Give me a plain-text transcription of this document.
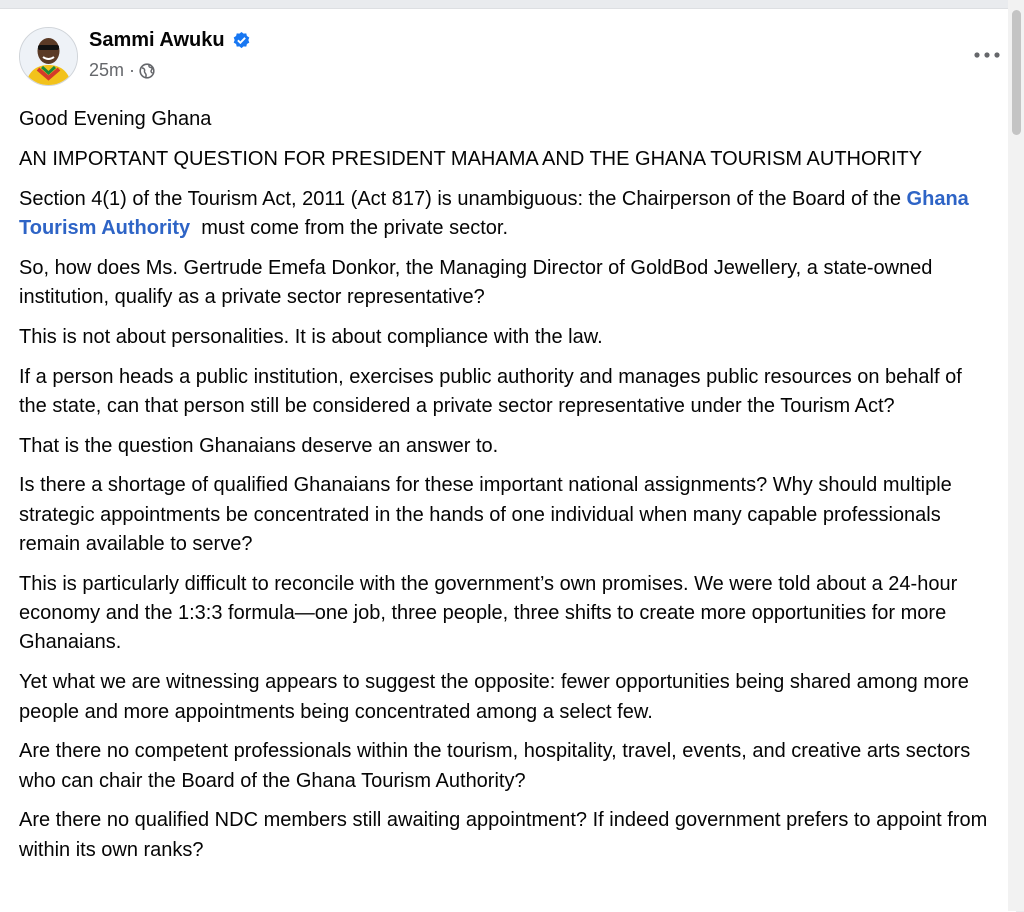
Sammi Awuku
25m ·

Good Evening Ghana

AN IMPORTANT QUESTION FOR PRESIDENT MAHAMA AND THE GHANA TOURISM AUTHORITY

Section 4(1) of the Tourism Act, 2011 (Act 817) is unambiguous: the Chairperson of the Board of the Ghana Tourism Authority  must come from the private sector.

So, how does Ms. Gertrude Emefa Donkor, the Managing Director of GoldBod Jewellery, a state-owned institution, qualify as a private sector representative?

This is not about personalities. It is about compliance with the law.

If a person heads a public institution, exercises public authority and manages public resources on behalf of the state, can that person still be considered a private sector representative under the Tourism Act?

That is the question Ghanaians deserve an answer to.

Is there a shortage of qualified Ghanaians for these important national assignments? Why should multiple strategic appointments be concentrated in the hands of one individual when many capable professionals remain available to serve?

This is particularly difficult to reconcile with the government’s own promises. We were told about a 24-hour economy and the 1:3:3 formula—one job, three people, three shifts to create more opportunities for more Ghanaians.

Yet what we are witnessing appears to suggest the opposite: fewer opportunities being shared among more people and more appointments being concentrated among a select few.

Are there no competent professionals within the tourism, hospitality, travel, events, and creative arts sectors who can chair the Board of the Ghana Tourism Authority?

Are there no qualified NDC members still awaiting appointment? If indeed government prefers to appoint from within its own ranks?
